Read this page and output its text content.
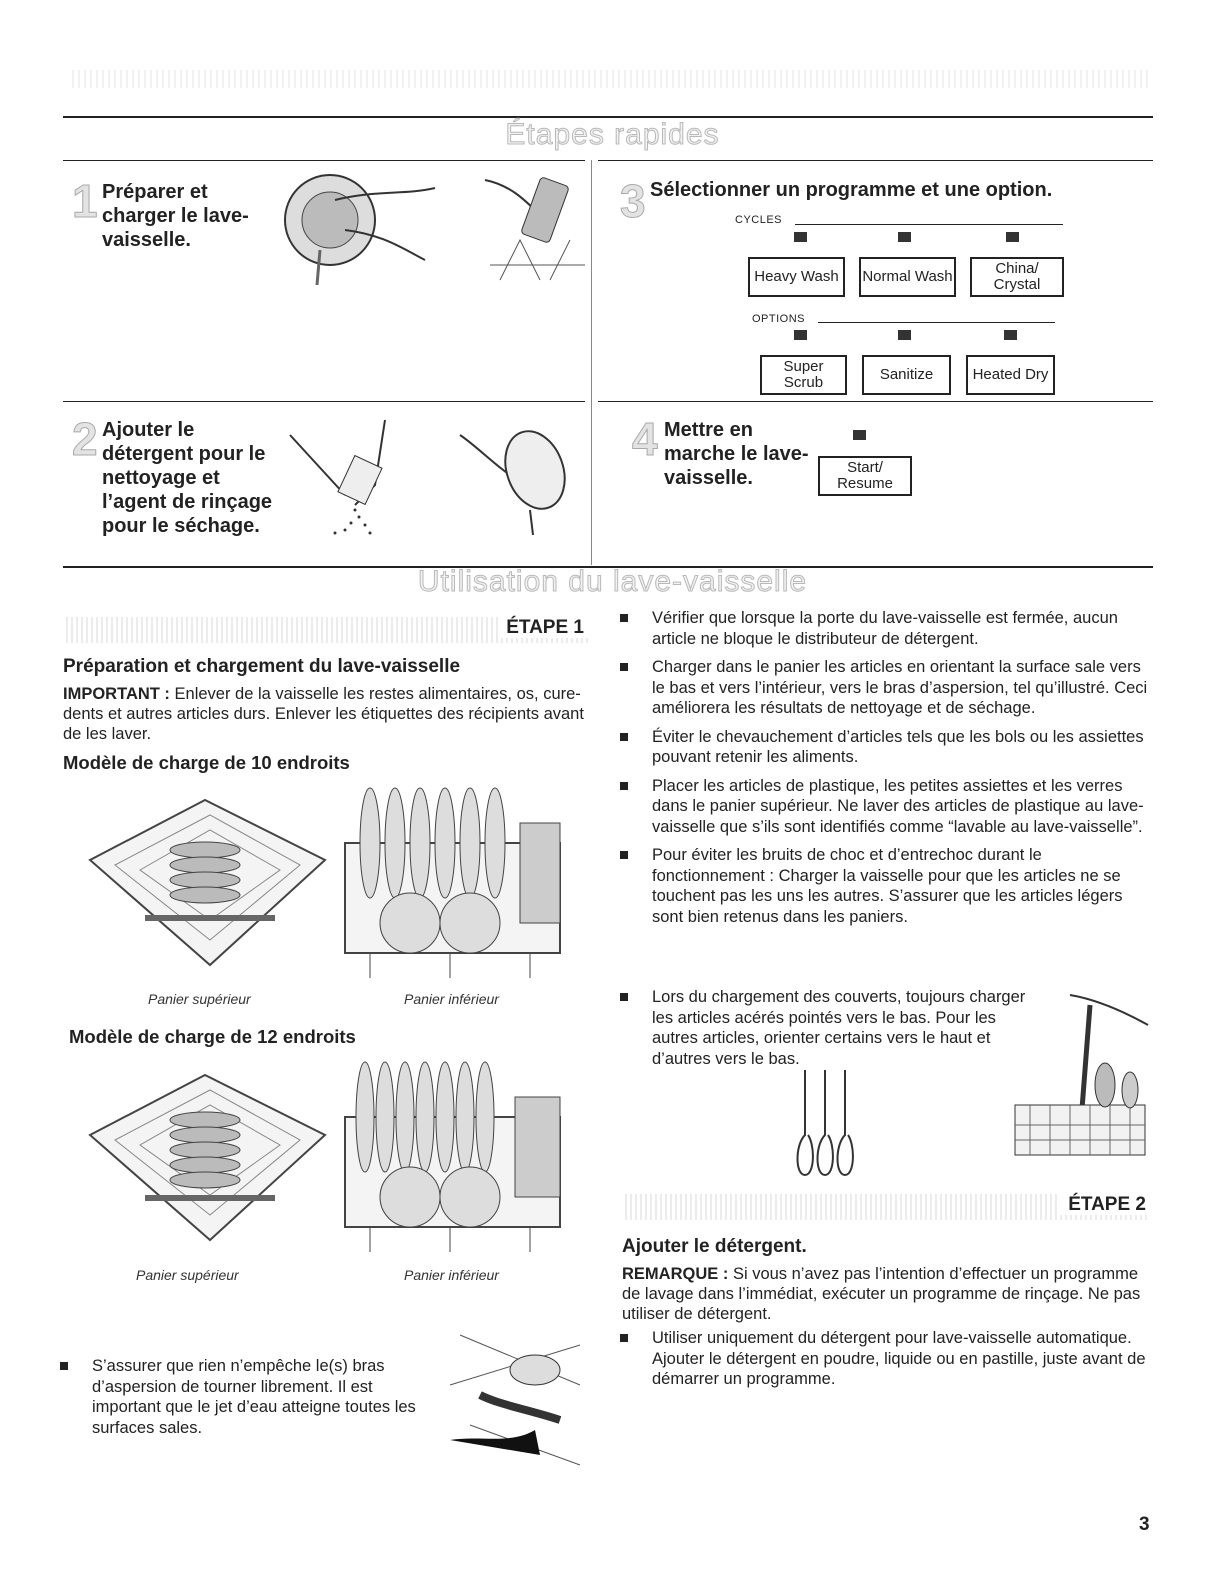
Étapes rapides
1 Préparer et charger le lave-vaisselle.
2 Ajouter le détergent pour le nettoyage et l’agent de rinçage pour le séchage.
3 Sélectionner un programme et une option.
CYCLES
Heavy Wash	Normal Wash	China/ Crystal
OPTIONS
Super Scrub	Sanitize	Heated Dry
4 Mettre en marche le lave-vaisselle.	Start/ Resume
Utilisation du lave-vaisselle
ÉTAPE 1
Préparation et chargement du lave-vaisselle
IMPORTANT : Enlever de la vaisselle les restes alimentaires, os, cure-dents et autres articles durs. Enlever les étiquettes des récipients avant de les laver.
Modèle de charge de 10 endroits
Panier supérieur	Panier inférieur
Modèle de charge de 12 endroits
Panier supérieur	Panier inférieur
S’assurer que rien n’empêche le(s) bras d’aspersion de tourner librement. Il est important que le jet d’eau atteigne toutes les surfaces sales.
Vérifier que lorsque la porte du lave-vaisselle est fermée, aucun article ne bloque le distributeur de détergent.
Charger dans le panier les articles en orientant la surface sale vers le bas et vers l’intérieur, vers le bras d’aspersion, tel qu’illustré. Ceci améliorera les résultats de nettoyage et de séchage.
Éviter le chevauchement d’articles tels que les bols ou les assiettes pouvant retenir les aliments.
Placer les articles de plastique, les petites assiettes et les verres dans le panier supérieur. Ne laver des articles de plastique au lave-vaisselle que s’ils sont identifiés comme “lavable au lave-vaisselle”.
Pour éviter les bruits de choc et d’entrechoc durant le fonctionnement : Charger la vaisselle pour que les articles ne se touchent pas les uns les autres. S’assurer que les articles légers sont bien retenus dans les paniers.
Lors du chargement des couverts, toujours charger les articles acérés pointés vers le bas. Pour les autres articles, orienter certains vers le haut et d’autres vers le bas.
ÉTAPE 2
Ajouter le détergent.
REMARQUE : Si vous n’avez pas l’intention d’effectuer un programme de lavage dans l’immédiat, exécuter un programme de rinçage. Ne pas utiliser de détergent.
Utiliser uniquement du détergent pour lave-vaisselle automatique. Ajouter le détergent en poudre, liquide ou en pastille, juste avant de démarrer un programme.
3
